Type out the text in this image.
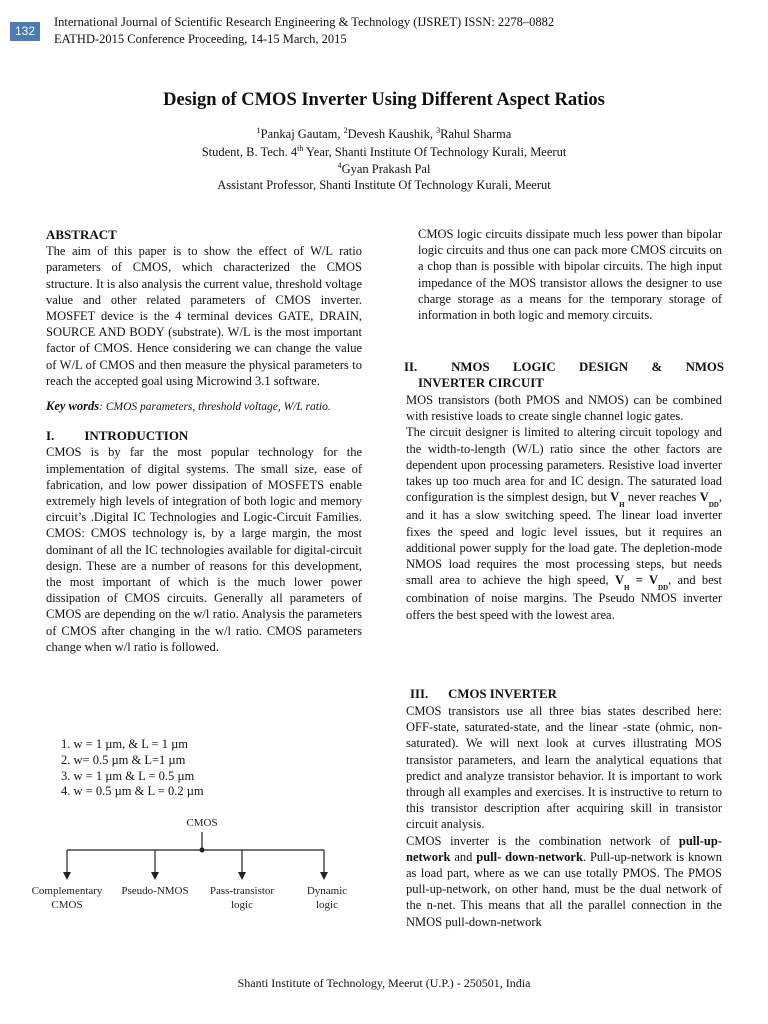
132
International Journal of Scientific Research Engineering & Technology (IJSRET) ISSN: 2278–0882
EATHD-2015 Conference Proceeding, 14-15 March, 2015
Design of CMOS Inverter Using Different Aspect Ratios
$^1$Pankaj Gautam, $^2$Devesh Kaushik, $^3$Rahul Sharma
Student, B. Tech. 4th Year, Shanti Institute Of Technology Kurali, Meerut
$^4$Gyan Prakash Pal
Assistant Professor, Shanti Institute Of Technology Kurali, Meerut
ABSTRACT

The aim of this paper is to show the effect of W/L ratio parameters of CMOS, which characterized the CMOS structure. It is also analysis the current value, threshold voltage value and other related parameters of CMOS inverter. MOSFET device is the 4 terminal devices GATE, DRAIN, SOURCE AND BODY (substrate). W/L is the most important factor of CMOS. Hence considering we can change the value of W/L of CMOS and then measure the physical parameters to reach the accepted goal using Microwind 3.1 software.

Key words: CMOS parameters, threshold voltage, W/L ratio.

I. INTRODUCTION

CMOS is by far the most popular technology for the implementation of digital systems. The small size, ease of fabrication, and low power dissipation of MOSFETS enable extremely high levels of integration of both logic and memory circuit’s .Digital IC Technologies and Logic-Circuit Families. CMOS: CMOS technology is, by a large margin, the most dominant of all the IC technologies available for digital-circuit design. These are a number of reasons for this development, the most important of which is the much lower power dissipation of CMOS circuits. Generally all parameters of CMOS are depending on the w/l ratio. Analysis the parameters of CMOS after changing in the w/l ratio. CMOS parameters change when w/l ratio is followed.

1. w = 1 µm, & L = 1 µm
2. w= 0.5 µm & L=1 µm
3. w = 1 µm & L = 0.5 µm
4. w = 0.5 µm & L = 0.2 µm
CMOS
Complementary
CMOS
Pseudo-NMOS Pass-transistor
logic
Dynamic
logic

CMOS logic circuits dissipate much less power than bipolar logic circuits and thus one can pack more CMOS circuits on a chop than is possible with bipolar circuits. The high input impedance of the MOS transistor allows the designer to use charge storage as a means for the temporary storage of information in both logic and memory circuits.

II.	NMOS LOGIC DESIGN & NMOS
INVERTER CIRCUIT

MOS transistors (both PMOS and NMOS) can be combined with resistive loads to create single channel logic gates.

The circuit designer is limited to altering circuit topology and the width-to-length (W/L) ratio since the other factors are dependent upon processing parameters. Resistive load inverter takes up too much area for and IC design. The saturated load configuration is the simplest design, but $V_H$ never reaches $V_{DD}$, and it has a slow switching speed. The linear load inverter fixes the speed and logic level issues, but it requires an additional power supply for the load gate. The depletion-mode NMOS load requires the most processing steps, but needs small area to achieve the high speed, $V_H = V_{DD}$, and best combination of noise margins. The Pseudo NMOS inverter offers the best speed with the lowest area.

III. CMOS INVERTER

CMOS transistors use all three bias states described here: OFF-state, saturated-state, and the linear -state (ohmic, non-saturated). We will next look at curves illustrating MOS transistor parameters, and learn the analytical equations that predict and analyze transistor behavior. It is important to work through all examples and exercises. It is instructive to return to this transistor description after acquiring skill in transistor circuit analysis.

CMOS inverter is the combination network of pull-up-network and pull- down-network. Pull-up-network is known as load part, where as we can use totally PMOS. The PMOS pull-up-network, on other hand, must be the dual network of the n-net. This means that all the parallel connection in the NMOS pull-down-network

Shanti Institute of Technology, Meerut (U.P.) - 250501, India
